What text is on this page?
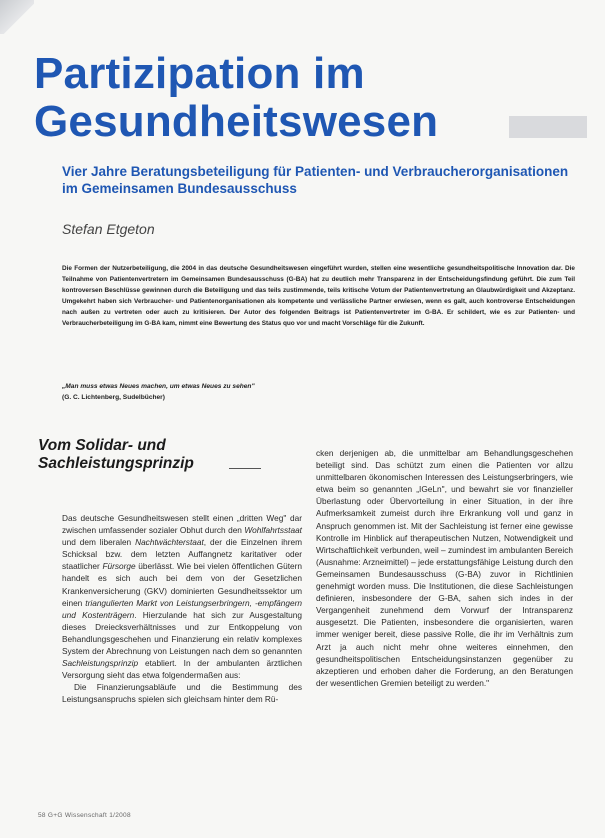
Partizipation im
Gesundheitswesen
Vier Jahre Beratungsbeteiligung für Patienten- und Verbraucherorganisationen im Gemeinsamen Bundesausschuss
Stefan Etgeton

Die Formen der Nutzerbeteiligung, die 2004 in das deutsche Gesundheitswesen eingeführt wurden, stellen eine wesentliche gesundheitspolitische Innovation dar. Die Teilnahme von Patientenvertretern im Gemeinsamen Bundesausschuss (G-BA) hat zu deutlich mehr Transparenz in der Entscheidungsfindung geführt. Die zum Teil kontroversen Beschlüsse gewinnen durch die Beteiligung und das teils zustimmende, teils kritische Votum der Patientenvertretung an Glaubwürdigkeit und Akzeptanz. Umgekehrt haben sich Verbraucher- und Patientenorganisationen als kompetente und verlässliche Partner erwiesen, wenn es galt, auch kontroverse Entscheidungen nach außen zu vertreten oder auch zu kritisieren. Der Autor des folgenden Beitrags ist Patientenvertreter im G-BA. Er schildert, wie es zur Patienten- und Verbraucherbeteiligung im G-BA kam, nimmt eine Bewertung des Status quo vor und macht Vorschläge für die Zukunft.

„Man muss etwas Neues machen, um etwas Neues zu sehen"
(G. C. Lichtenberg, Sudelbücher)
Vom Solidar- und
Sachleistungsprinzip

Das deutsche Gesundheitswesen stellt einen „dritten Weg" dar zwischen umfassender sozialer Obhut durch den Wohlfahrtsstaat und dem liberalen Nachtwächterstaat, der die Einzelnen ihrem Schicksal bzw. dem letzten Auffangnetz karitativer oder staatlicher Fürsorge überlässt. Wie bei vielen öffentlichen Gütern handelt es sich auch bei dem von der Gesetzlichen Krankenversicherung (GKV) dominierten Gesundheitssektor um einen triangulierten Markt von Leistungserbringern, -empfängern und Kostenträgern. Hierzulande hat sich zur Ausgestaltung dieses Dreiecksverhältnisses und zur Entkoppelung von Behandlungsgeschehen und Finanzierung ein relativ komplexes System der Abrechnung von Leistungen nach dem so genannten Sachleistungsprinzip etabliert. In der ambulanten ärztlichen Versorgung sieht das etwa folgendermaßen aus:

Die Finanzierungsabläufe und die Bestimmung des Leistungsanspruchs spielen sich gleichsam hinter dem Rü-

cken derjenigen ab, die unmittelbar am Behandlungsgeschehen beteiligt sind. Das schützt zum einen die Patienten vor allzu unmittelbaren ökonomischen Interessen des Leistungserbringers, wie etwa beim so genannten „IGeLn", und bewahrt sie vor finanzieller Überlastung oder Übervorteilung in einer Situation, in der ihre Aufmerksamkeit zumeist durch ihre Erkrankung voll und ganz in Anspruch genommen ist. Mit der Sachleistung ist ferner eine gewisse Kontrolle im Hinblick auf therapeutischen Nutzen, Notwendigkeit und Wirtschaftlichkeit verbunden, weil – zumindest im ambulanten Bereich (Ausnahme: Arzneimittel) – jede erstattungsfähige Leistung durch den Gemeinsamen Bundesausschuss (G-BA) zuvor in Richtlinien genehmigt worden muss. Die Institutionen, die diese Sachleistungen definieren, insbesondere der G-BA, sahen sich indes in der Vergangenheit zunehmend dem Vorwurf der Intransparenz ausgesetzt. Die Patienten, insbesondere die organisierten, waren immer weniger bereit, diese passive Rolle, die ihr im Verhältnis zum Arzt ja auch nicht mehr ohne weiteres einnehmen, den gesundheitspolitischen Entscheidungsinstanzen gegenüber zu akzeptieren und erhoben daher die Forderung, an den Beratungen der wesentlichen Gremien beteiligt zu werden."

58 G+G Wissenschaft 1/2008
